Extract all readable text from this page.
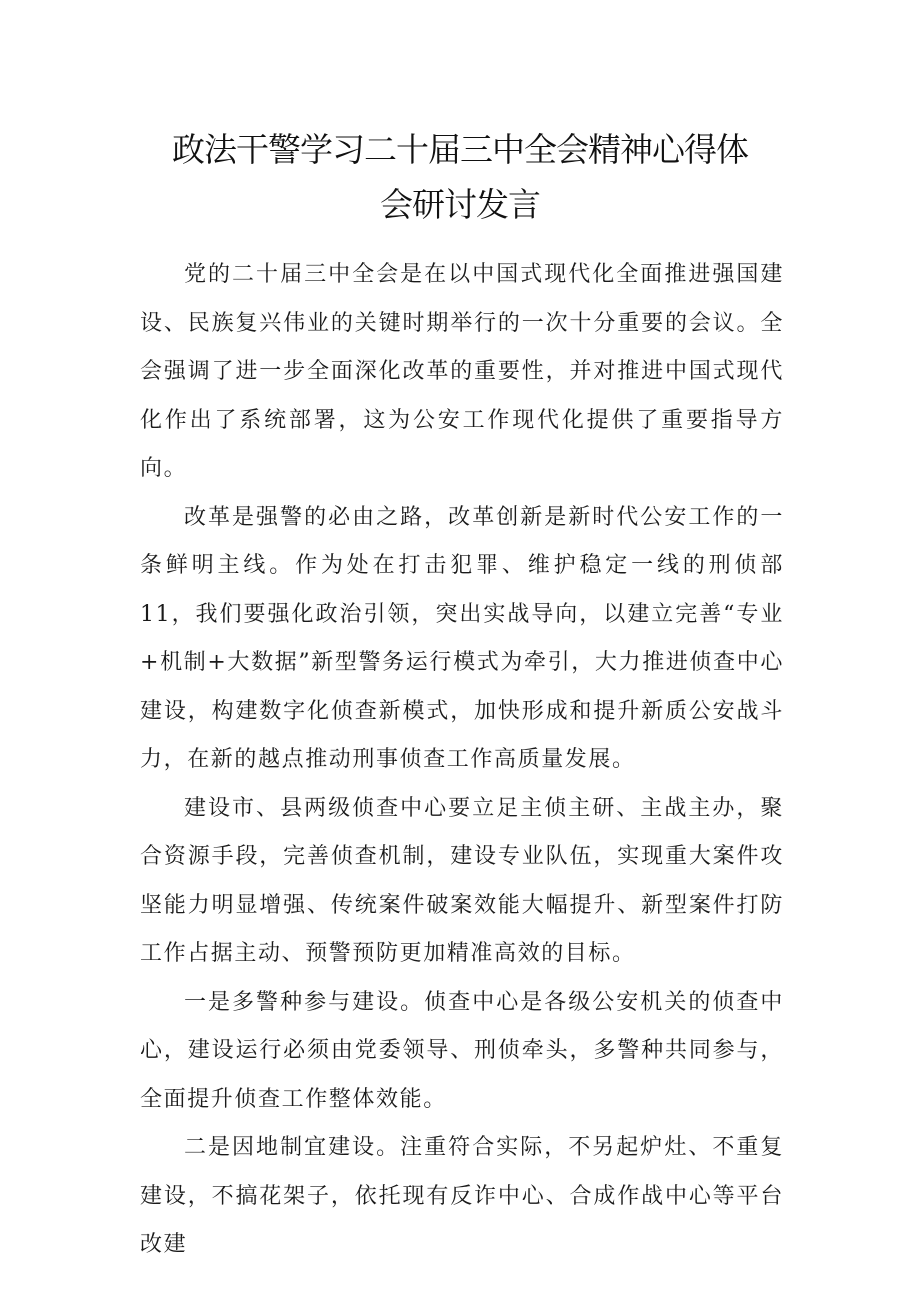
政法干警学习二十届三中全会精神心得体
会研讨发言

党的二十届三中全会是在以中国式现代化全面推进强国建设、民族复兴伟业的关键时期举行的一次十分重要的会议。全会强调了进一步全面深化改革的重要性，并对推进中国式现代化作出了系统部署，这为公安工作现代化提供了重要指导方向。

改革是强警的必由之路，改革创新是新时代公安工作的一条鲜明主线。作为处在打击犯罪、维护稳定一线的刑侦部11，我们要强化政治引领，突出实战导向，以建立完善“专业+机制+大数据”新型警务运行模式为牵引，大力推进侦查中心建设，构建数字化侦查新模式，加快形成和提升新质公安战斗力，在新的越点推动刑事侦查工作高质量发展。

建设市、县两级侦查中心要立足主侦主研、主战主办，聚合资源手段，完善侦查机制，建设专业队伍，实现重大案件攻坚能力明显增强、传统案件破案效能大幅提升、新型案件打防工作占据主动、预警预防更加精准高效的目标。

一是多警种参与建设。侦查中心是各级公安机关的侦查中心，建设运行必须由党委领导、刑侦牵头，多警种共同参与，全面提升侦查工作整体效能。

二是因地制宜建设。注重符合实际，不另起炉灶、不重复建设，不搞花架子，依托现有反诈中心、合成作战中心等平台改建
